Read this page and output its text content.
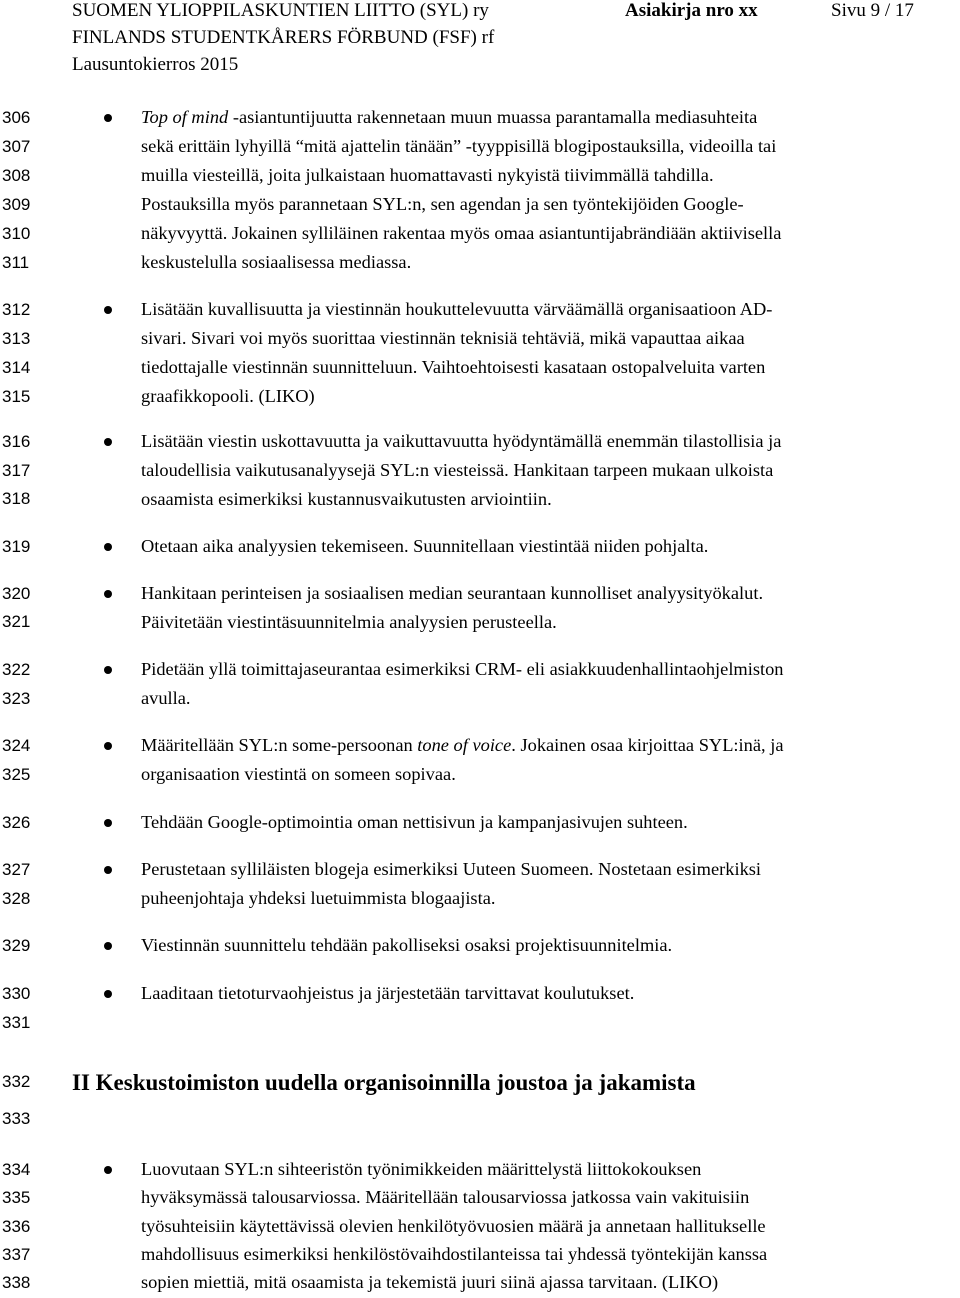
SUOMEN YLIOPPILASKUNTIEN LIITTO (SYL) ry	Asiakirja nro xx	Sivu 9 / 17
FINLANDS STUDENTKÅRERS FÖRBUND (FSF) rf
Lausuntokierros 2015
306
307
308
309
310
311
312
313
314
315
316
317
318
319
320
321
322
323
324
325
326
327
328
329
330
331
332
333
334
335
336
337
338
Top of mind -asiantuntijuutta rakennetaan muun muassa parantamalla mediasuhteita
sekä erittäin lyhyillä “mitä ajattelin tänään” -tyyppisillä blogipostauksilla, videoilla tai
muilla viesteillä, joita julkaistaan huomattavasti nykyistä tiivimmällä tahdilla.
Postauksilla myös parannetaan SYL:n, sen agendan ja sen työntekijöiden Google-
näkyvyyttä. Jokainen sylliläinen rakentaa myös omaa asiantuntijabrändiään aktiivisella
keskustelulla sosiaalisessa mediassa.
Lisätään kuvallisuutta ja viestinnän houkuttelevuutta värväämällä organisaatioon AD-
sivari. Sivari voi myös suorittaa viestinnän teknisiä tehtäviä, mikä vapauttaa aikaa
tiedottajalle viestinnän suunnitteluun. Vaihtoehtoisesti kasataan ostopalveluita varten
graafikkopooli. (LIKO)
Lisätään viestin uskottavuutta ja vaikuttavuutta hyödyntämällä enemmän tilastollisia ja
taloudellisia vaikutusanalyysejä SYL:n viesteissä. Hankitaan tarpeen mukaan ulkoista
osaamista esimerkiksi kustannusvaikutusten arviointiin.
Otetaan aika analyysien tekemiseen. Suunnitellaan viestintää niiden pohjalta.
Hankitaan perinteisen ja sosiaalisen median seurantaan kunnolliset analyysityökalut.
Päivitetään viestintäsuunnitelmia analyysien perusteella.
Pidetään yllä toimittajaseurantaa esimerkiksi CRM- eli asiakkuudenhallintaohjelmiston
avulla.
Määritellään SYL:n some-persoonan tone of voice. Jokainen osaa kirjoittaa SYL:inä, ja
organisaation viestintä on someen sopivaa.
Tehdään Google-optimointia oman nettisivun ja kampanjasivujen suhteen.
Perustetaan sylliläisten blogeja esimerkiksi Uuteen Suomeen. Nostetaan esimerkiksi
puheenjohtaja yhdeksi luetuimmista blogaajista.
Viestinnän suunnittelu tehdään pakolliseksi osaksi projektisuunnitelmia.
Laaditaan tietoturvaohjeistus ja järjestetään tarvittavat koulutukset.
II Keskustoimiston uudella organisoinnilla joustoa ja jakamista
Luovutaan SYL:n sihteeristön työnimikkeiden määrittelystä liittokokouksen
hyväksymässä talousarviossa. Määritellään talousarviossa jatkossa vain vakituisiin
työsuhteisiin käytettävissä olevien henkilötyövuosien määrä ja annetaan hallitukselle
mahdollisuus esimerkiksi henkilöstövaihdostilanteissa tai yhdessä työntekijän kanssa
sopien miettiä, mitä osaamista ja tekemistä juuri siinä ajassa tarvitaan. (LIKO)
